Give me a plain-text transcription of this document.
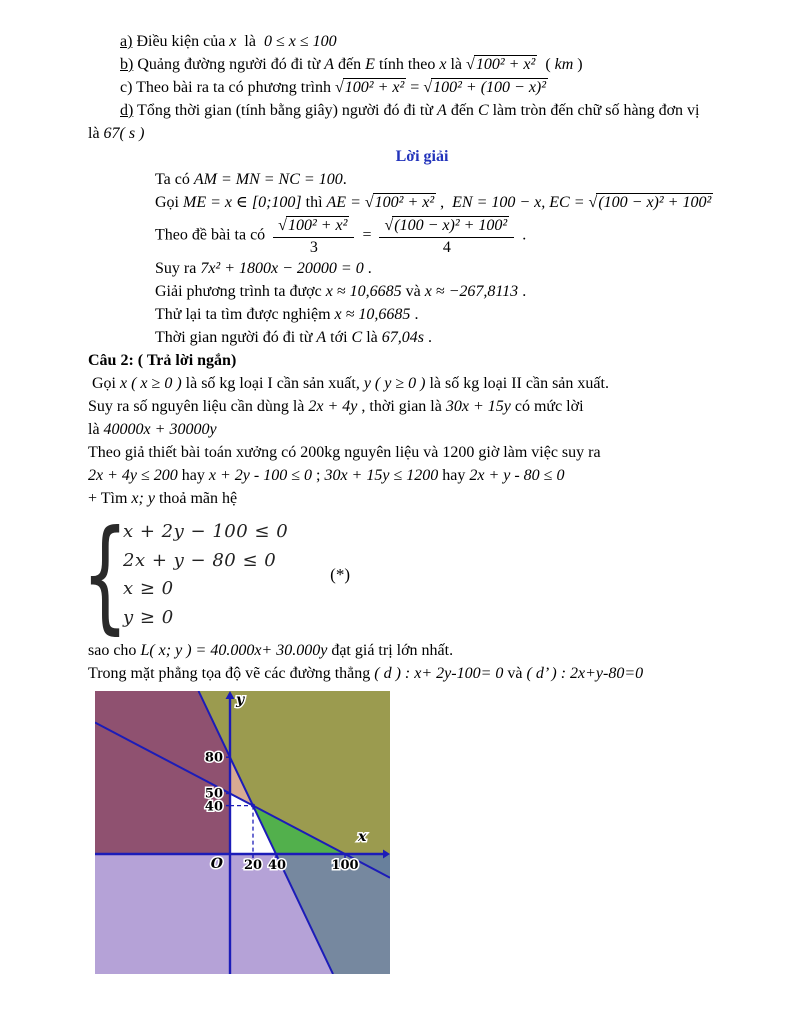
a) Điều kiện của x  là  0 ≤ x ≤ 100
b) Quảng đường người đó đi từ A đến E tính theo x là √100² + x²  ( km )
c) Theo bài ra ta có phương trình √100² + x² = √100² + (100 − x)²
d) Tổng thời gian (tính bằng giây) người đó đi từ A đến C làm tròn đến chữ số hàng đơn vị
là 67( s )
Lời giải
Ta có AM = MN = NC = 100.
Gọi ME = x ∈ [0;100] thì AE = √100² + x² ,  EN = 100 − x, EC = √(100 − x)² + 100²
Theo đề bài ta có $\frac{\text{√100² + x²}}{3} = \frac{\text{√(100 − x)² + 100²}}{4}$ .
Suy ra 7x² + 1800x − 20000 = 0 .
Giải phương trình ta được x ≈ 10,6685 và x ≈ −267,8113 .
Thử lại ta tìm được nghiệm x ≈ 10,6685 .
Thời gian người đó đi từ A tới C là 67,04s .
Câu 2: ( Trả lời ngắn)
Gọi x ( x ≥ 0 ) là số kg loại I cần sản xuất, y ( y ≥ 0 ) là số kg loại II cần sản xuất.
Suy ra số nguyên liệu cần dùng là 2x + 4y , thời gian là 30x + 15y có mức lời
là 40000x + 30000y
Theo giả thiết bài toán xưởng có 200kg nguyên liệu và 1200 giờ làm việc suy ra
2x + 4y ≤ 200 hay x + 2y - 100 ≤ 0 ; 30x + 15y ≤ 1200 hay 2x + y - 80 ≤ 0
+ Tìm x; y thoả mãn hệ
{
x + 2y − 100 ≤ 0
2x + y − 80 ≤ 0
x ≥ 0
y ≥ 0
(*)
sao cho L( x; y ) = 40.000x+ 30.000y đạt giá trị lớn nhất.
Trong mặt phẳng tọa độ vẽ các đường thẳng ( d ) : x+ 2y-100= 0 và ( d’ ) : 2x+y-80=0
80
50
40
20 40	100
O
x
y
